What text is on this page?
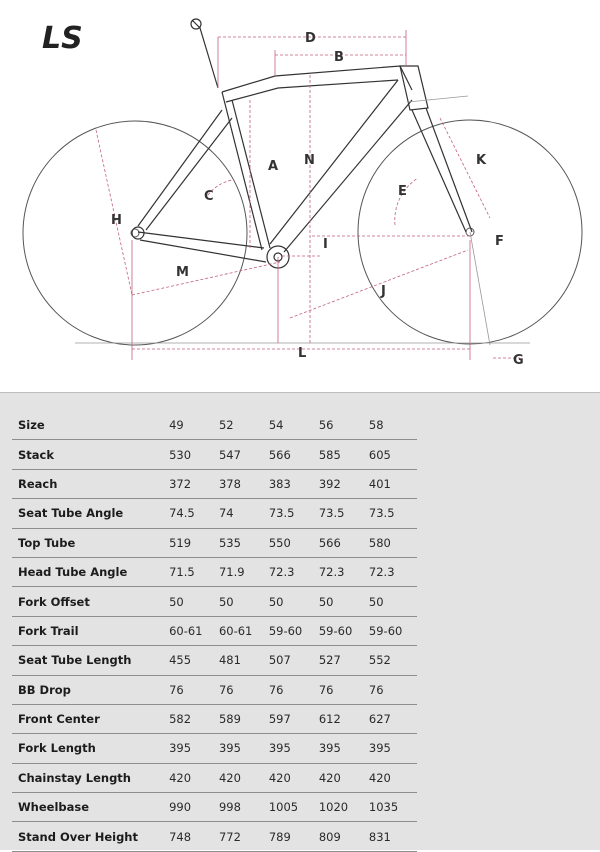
LS
A
B
C
D
E
F
G
H
I
J
K
L
M
N
Size	49	52	54	56	58
Stack	530	547	566	585	605
Reach	372	378	383	392	401
Seat Tube Angle	74.5	74	73.5	73.5	73.5
Top Tube	519	535	550	566	580
Head Tube Angle	71.5	71.9	72.3	72.3	72.3
Fork Offset	50	50	50	50	50
Fork Trail	60-61	60-61	59-60	59-60	59-60
Seat Tube Length	455	481	507	527	552
BB Drop	76	76	76	76	76
Front Center	582	589	597	612	627
Fork Length	395	395	395	395	395
Chainstay Length	420	420	420	420	420
Wheelbase	990	998	1005	1020	1035
Stand Over Height	748	772	789	809	831
